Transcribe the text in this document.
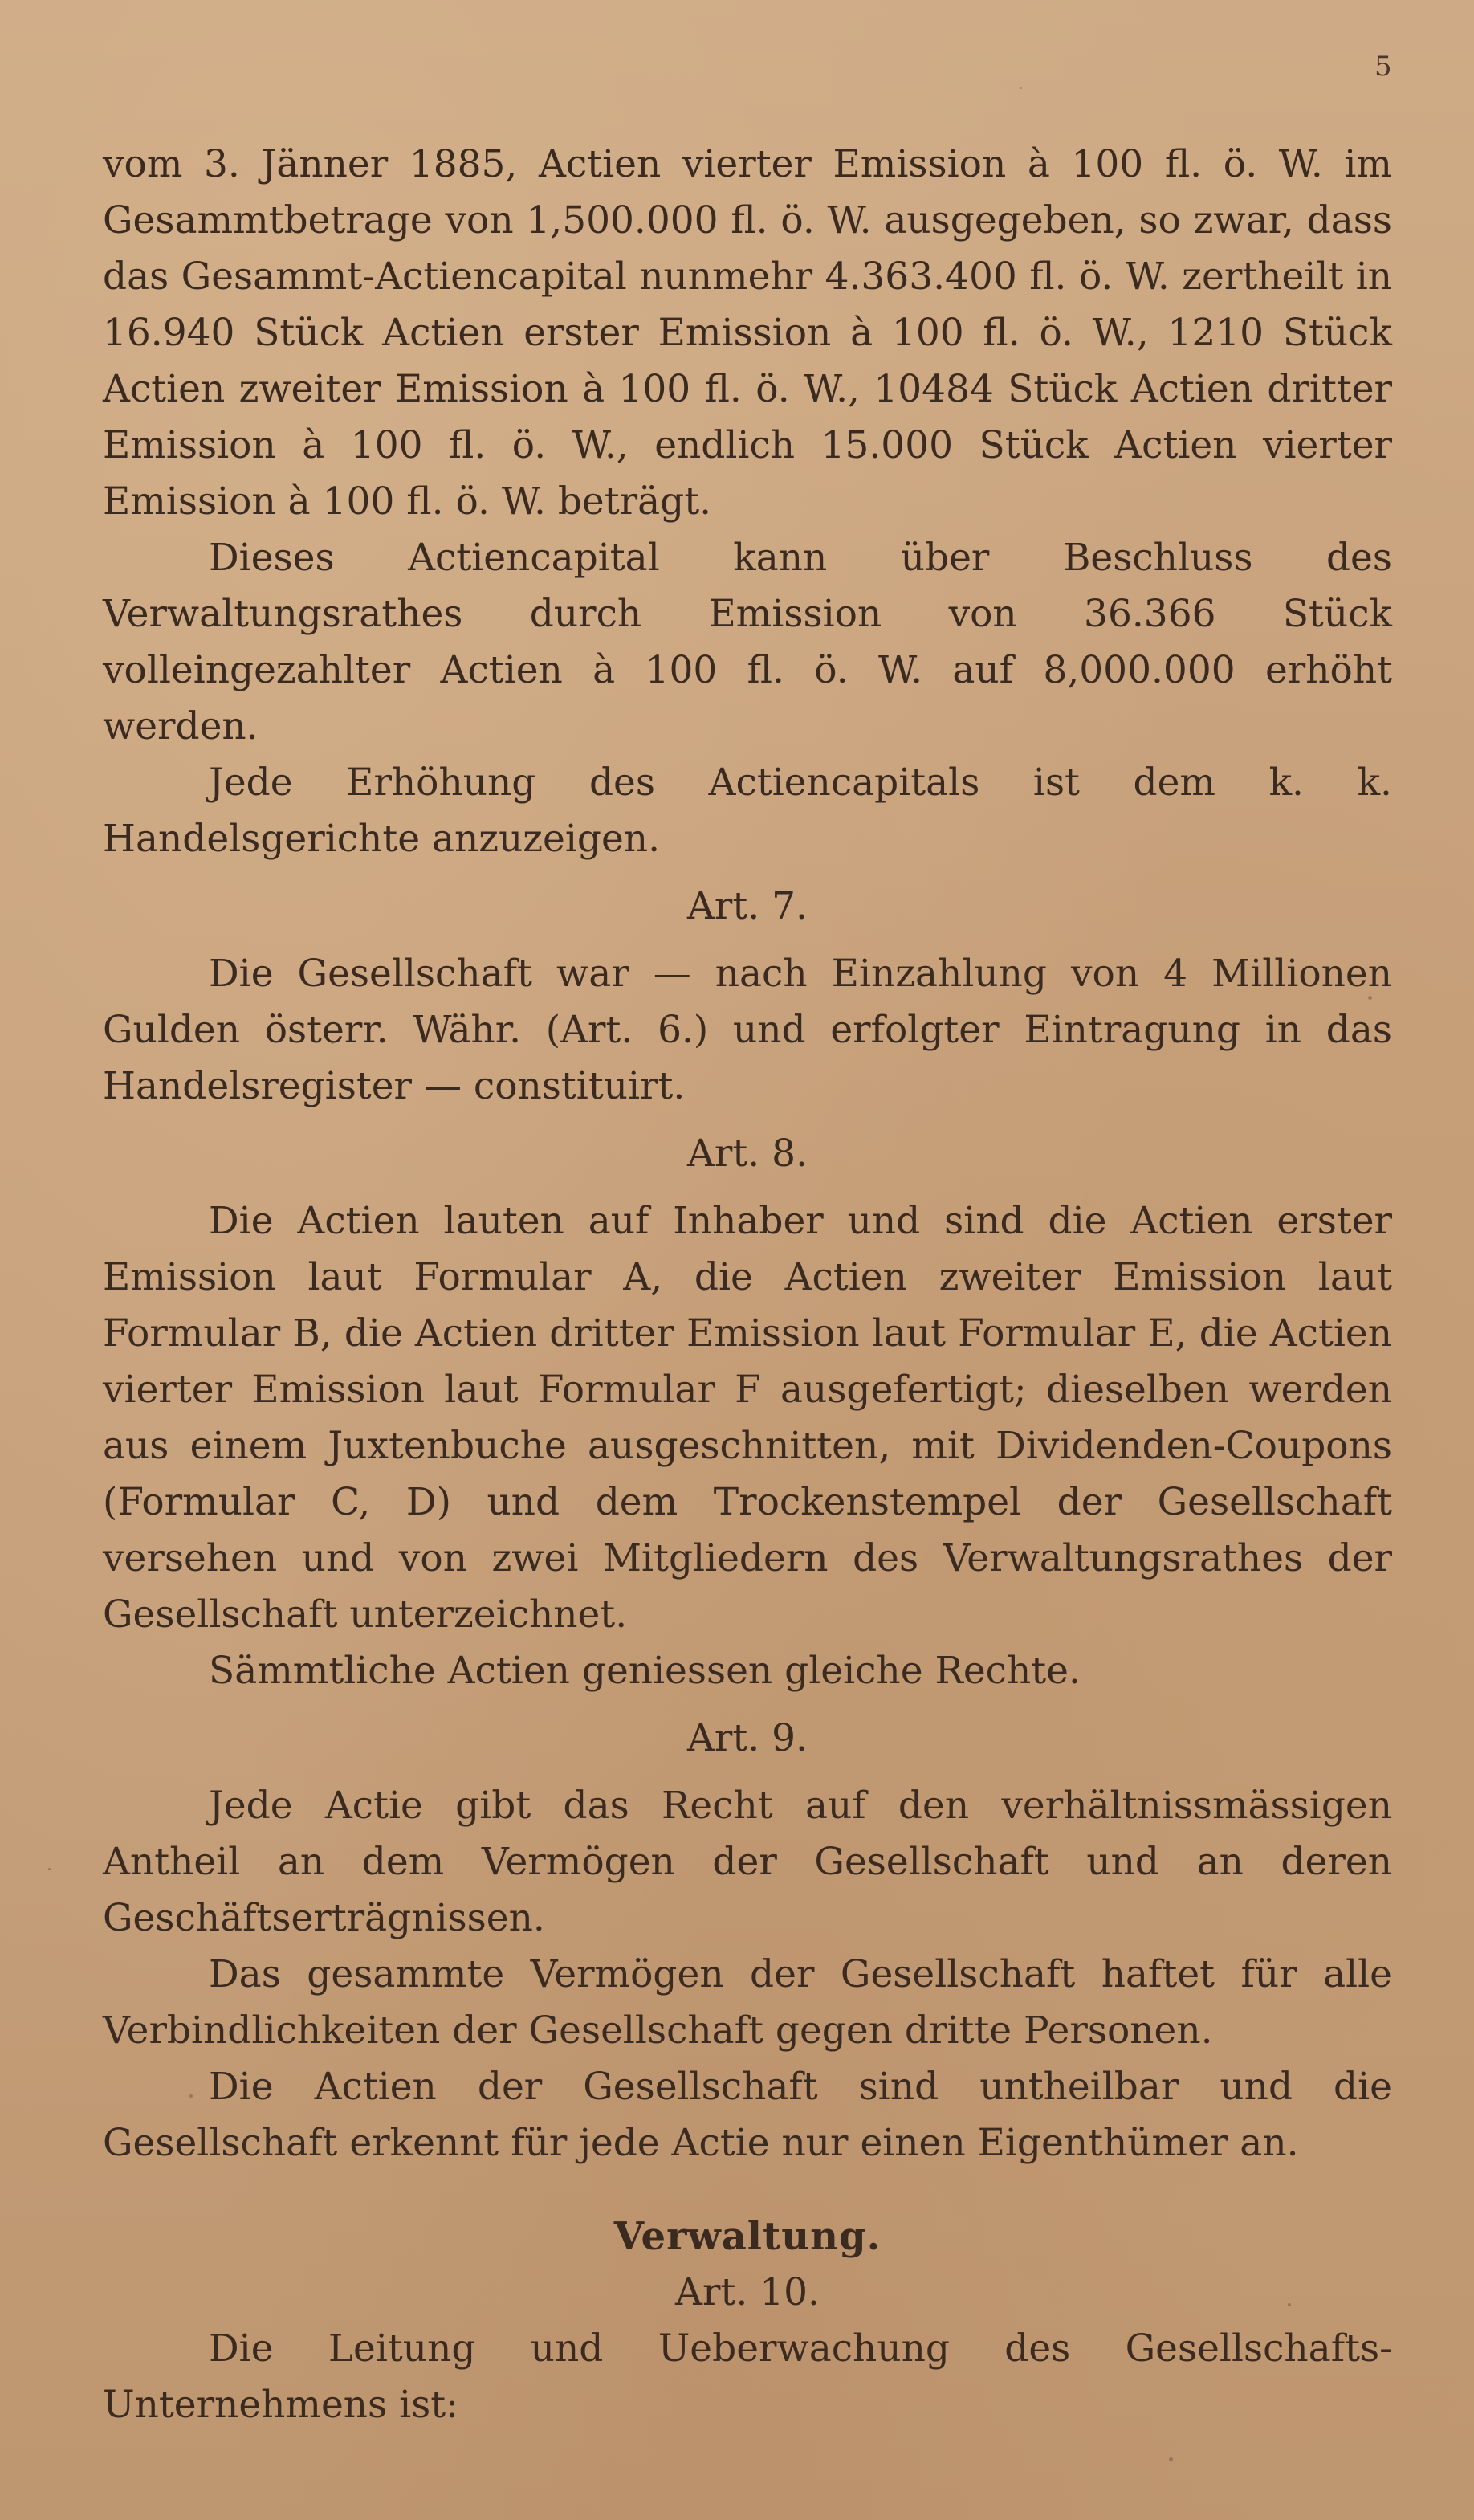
5

vom 3. Jänner 1885, Actien vierter Emission à 100 fl. ö. W. im Gesammtbetrage von 1,500.000 fl. ö. W. ausgegeben, so zwar, dass das Gesammt-Actiencapital nunmehr 4.363.400 fl. ö. W. zertheilt in 16.940 Stück Actien erster Emission à 100 fl. ö. W., 1210 Stück Actien zweiter Emission à 100 fl. ö. W., 10484 Stück Actien dritter Emission à 100 fl. ö. W., endlich 15.000 Stück Actien vierter Emission à 100 fl. ö. W. beträgt.

Dieses Actiencapital kann über Beschluss des Verwaltungsrathes durch Emission von 36.366 Stück volleingezahlter Actien à 100 fl. ö. W. auf 8,000.000 erhöht werden.

Jede Erhöhung des Actiencapitals ist dem k. k. Handelsgerichte anzuzeigen.

Art. 7.

Die Gesellschaft war — nach Einzahlung von 4 Millionen Gulden österr. Währ. (Art. 6.) und erfolgter Eintragung in das Handelsregister — constituirt.

Art. 8.

Die Actien lauten auf Inhaber und sind die Actien erster Emission laut Formular A, die Actien zweiter Emission laut Formular B, die Actien dritter Emission laut Formular E, die Actien vierter Emission laut Formular F ausgefertigt; dieselben werden aus einem Juxtenbuche ausgeschnitten, mit Dividenden-Coupons (Formular C, D) und dem Trockenstempel der Gesellschaft versehen und von zwei Mitgliedern des Verwaltungsrathes der Gesellschaft unterzeichnet.

Sämmtliche Actien geniessen gleiche Rechte.

Art. 9.

Jede Actie gibt das Recht auf den verhältnissmässigen Antheil an dem Vermögen der Gesellschaft und an deren Geschäftserträgnissen.

Das gesammte Vermögen der Gesellschaft haftet für alle Verbindlichkeiten der Gesellschaft gegen dritte Personen.

Die Actien der Gesellschaft sind untheilbar und die Gesellschaft erkennt für jede Actie nur einen Eigenthümer an.

Verwaltung.

Art. 10.

Die Leitung und Ueberwachung des Gesellschafts-Unternehmens ist:
